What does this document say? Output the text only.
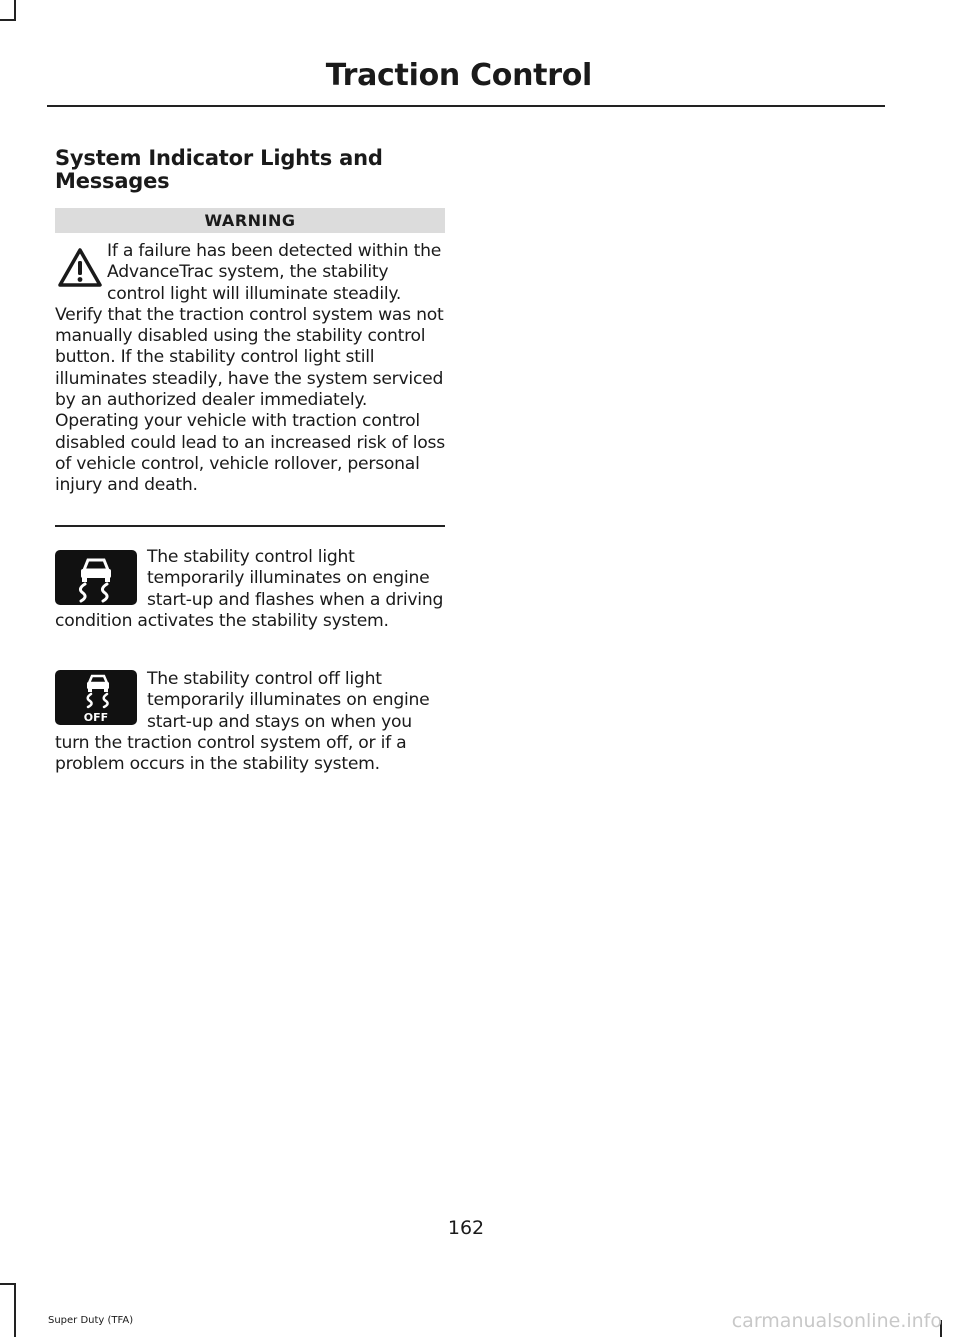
Traction Control
System Indicator Lights and Messages
WARNING

If a failure has been detected within the AdvanceTrac system, the stability control light will illuminate steadily. Verify that the traction control system was not manually disabled using the stability control button. If the stability control light still illuminates steadily, have the system serviced by an authorized dealer immediately. Operating your vehicle with traction control disabled could lead to an increased risk of loss of vehicle control, vehicle rollover, personal injury and death.

The stability control light temporarily illuminates on engine start-up and flashes when a driving condition activates the stability system.

OFF

The stability control off light temporarily illuminates on engine start-up and stays on when you turn the traction control system off, or if a problem occurs in the stability system.

162
Super Duty (TFA)	carmanualsonline.info
